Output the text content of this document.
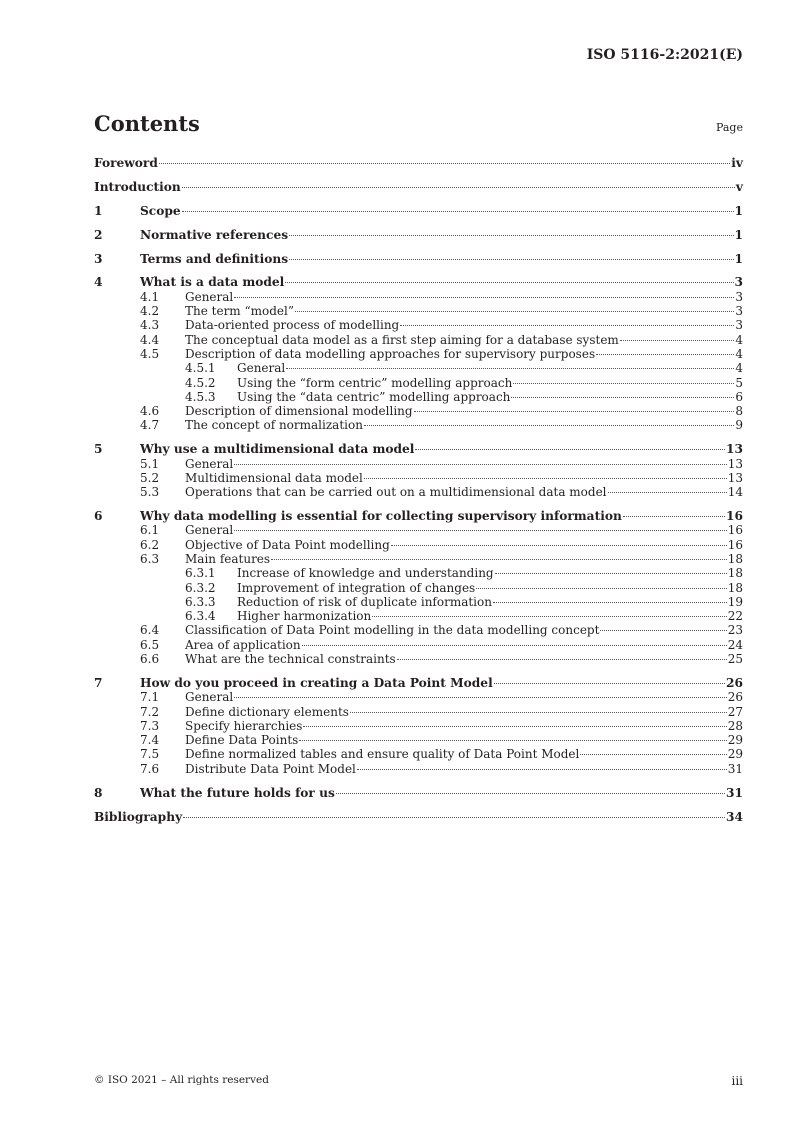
ISO 5116-2:2021(E)
Contents	Page
Foreword	iv
Introduction	v
1	Scope	1
2	Normative references	1
3	Terms and definitions	1
4	What is a data model	3
4.1	General	3
4.2	The term “model”	3
4.3	Data-oriented process of modelling	3
4.4	The conceptual data model as a first step aiming for a database system	4
4.5	Description of data modelling approaches for supervisory purposes	4
4.5.1	General	4
4.5.2	Using the “form centric” modelling approach	5
4.5.3	Using the “data centric” modelling approach	6
4.6	Description of dimensional modelling	8
4.7	The concept of normalization	9
5	Why use a multidimensional data model	13
5.1	General	13
5.2	Multidimensional data model	13
5.3	Operations that can be carried out on a multidimensional data model	14
6	Why data modelling is essential for collecting supervisory information	16
6.1	General	16
6.2	Objective of Data Point modelling	16
6.3	Main features	18
6.3.1	Increase of knowledge and understanding	18
6.3.2	Improvement of integration of changes	18
6.3.3	Reduction of risk of duplicate information	19
6.3.4	Higher harmonization	22
6.4	Classification of Data Point modelling in the data modelling concept	23
6.5	Area of application	24
6.6	What are the technical constraints	25
7	How do you proceed in creating a Data Point Model	26
7.1	General	26
7.2	Define dictionary elements	27
7.3	Specify hierarchies	28
7.4	Define Data Points	29
7.5	Define normalized tables and ensure quality of Data Point Model	29
7.6	Distribute Data Point Model	31
8	What the future holds for us	31
Bibliography	34
© ISO 2021 – All rights reserved	iii
